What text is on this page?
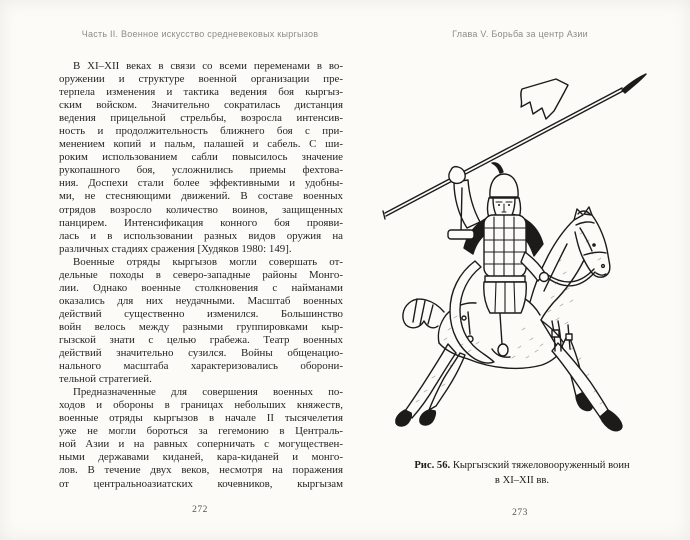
Часть II. Военное искусство средневековых кыргызов
В XI–XII веках в связи со всеми переменами в во-
оружении и структуре военной организации пре-
терпела изменения и тактика ведения боя кыргыз-
ским войском. Значительно сократилась дистанция
ведения прицельной стрельбы, возросла интенсив-
ность и продолжительность ближнего боя с при-
менением копий и пальм, палашей и сабель. С ши-
роким использованием сабли повысилось значение
рукопашного боя, усложнились приемы фехтова-
ния. Доспехи стали более эффективными и удобны-
ми, не стесняющими движений. В составе военных
отрядов возросло количество воинов, защищенных
панцирем. Интенсификация конного боя прояви-
лась и в использовании разных видов оружия на
различных стадиях сражения [Худяков 1980: 149].
Военные отряды кыргызов могли совершать от-
дельные походы в северо-западные районы Монго-
лии. Однако военные столкновения с найманами
оказались для них неудачными. Масштаб военных
действий существенно изменился. Большинство
войн велось между разными группировками кыр-
гызской знати с целью грабежа. Театр военных
действий значительно сузился. Войны общенацио-
нального масштаба характеризовались оборони-
тельной стратегией.
Предназначенные для совершения военных по-
ходов и обороны в границах небольших княжеств,
военные отряды кыргызов в начале II тысячелетия
уже не могли бороться за гегемонию в Централь-
ной Азии и на равных соперничать с могуществен-
ными державами киданей, кара-киданей и монго-
лов. В течение двух веков, несмотря на поражения
от центральноазиатских кочевников, кыргызам
272
Глава V. Борьба за центр Азии
Рис. 56. Кыргызский тяжеловооруженный воин
в XI–XII вв.
273
